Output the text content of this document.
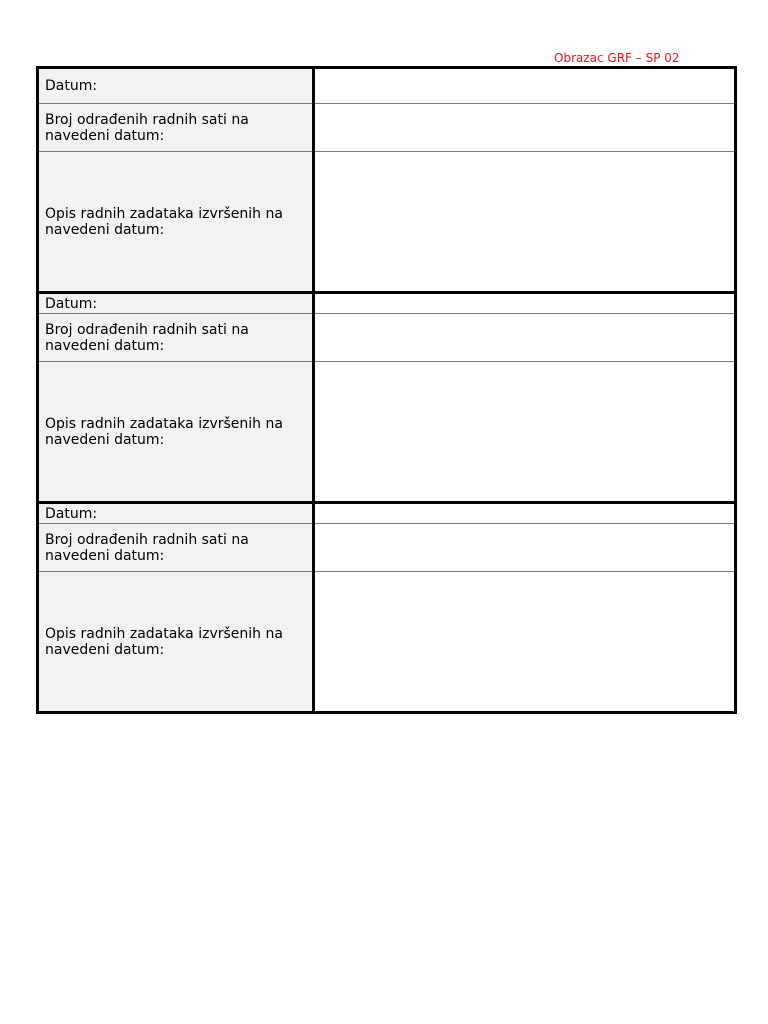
Obrazac GRF – SP 02
Datum:	
Broj odrađenih radnih sati na navedeni datum:	
Opis radnih zadataka izvršenih na navedeni datum:	
Datum:	
Broj odrađenih radnih sati na navedeni datum:	
Opis radnih zadataka izvršenih na navedeni datum:	
Datum:	
Broj odrađenih radnih sati na navedeni datum:	
Opis radnih zadataka izvršenih na navedeni datum:	
